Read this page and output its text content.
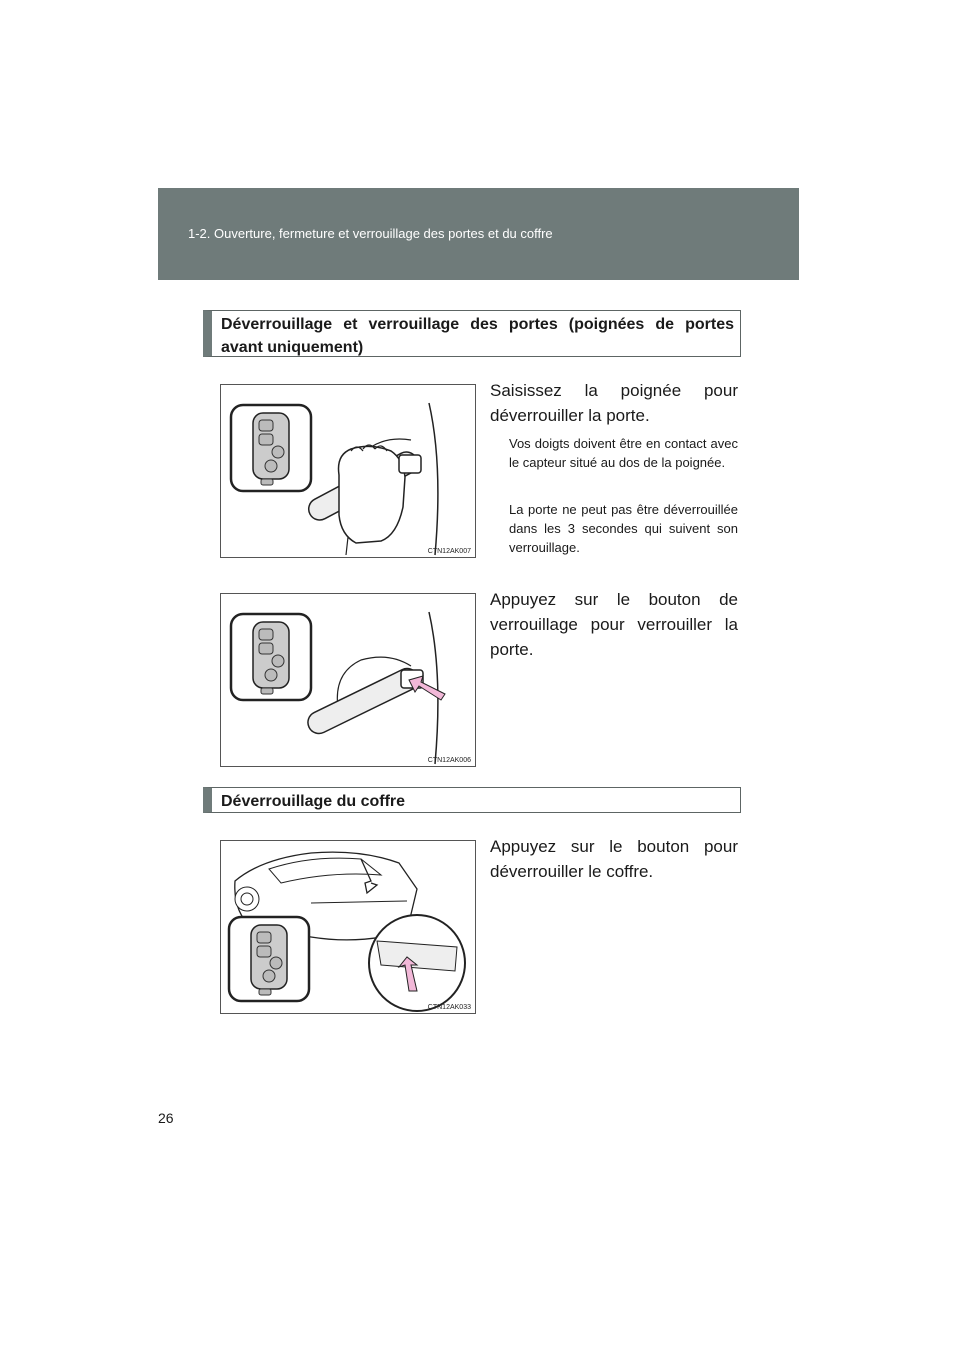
1-2. Ouverture, fermeture et verrouillage des portes et du coffre
Déverrouillage et verrouillage des portes (poignées de portes avant uniquement)
CTN12AK007
Saisissez la poignée pour déverrouiller la porte.
Vos doigts doivent être en contact avec le capteur situé au dos de la poignée.
La porte ne peut pas être déverrouillée dans les 3 secondes qui suivent son verrouillage.
CTN12AK006
Appuyez sur le bouton de verrouillage pour verrouiller la porte.
Déverrouillage du coffre
CTN12AK033
Appuyez sur le bouton pour déverrouiller le coffre.
26
